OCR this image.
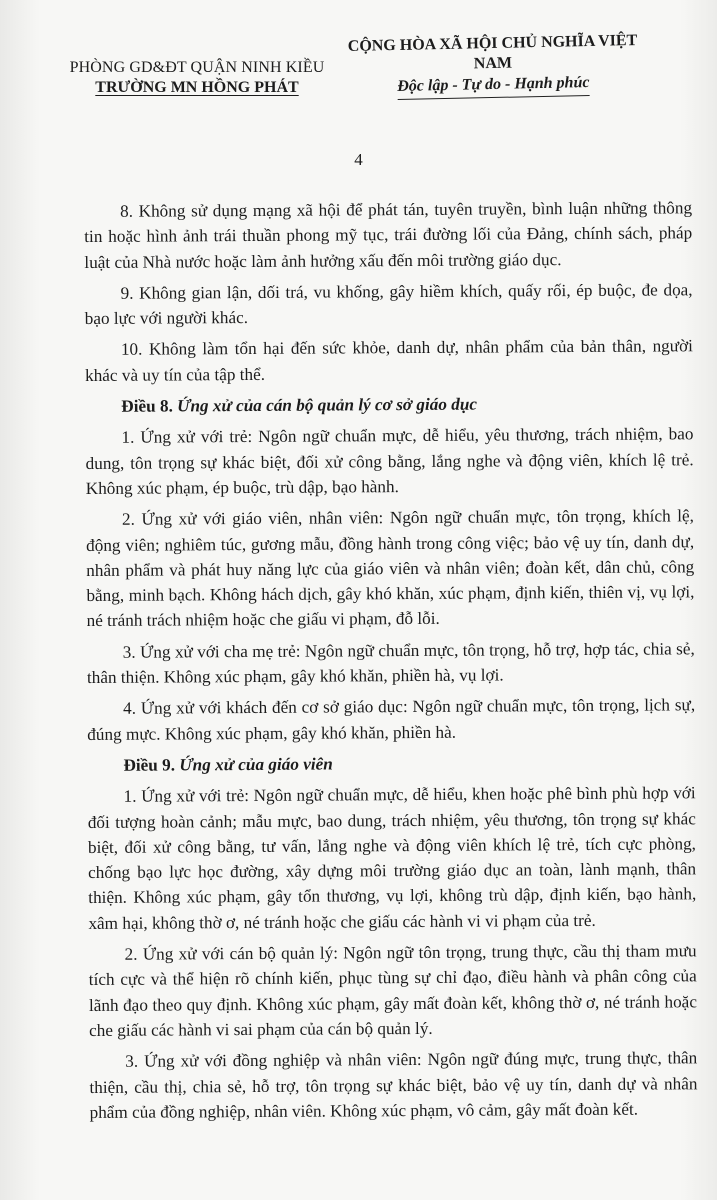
PHÒNG GD&ĐT QUẬN NINH KIỀU
TRƯỜNG MN HỒNG PHÁT
CỘNG HÒA XÃ HỘI CHỦ NGHĨA VIỆT NAM
Độc lập - Tự do - Hạnh phúc
4

8. Không sử dụng mạng xã hội để phát tán, tuyên truyền, bình luận những thông tin hoặc hình ảnh trái thuần phong mỹ tục, trái đường lối của Đảng, chính sách, pháp luật của Nhà nước hoặc làm ảnh hưởng xấu đến môi trường giáo dục.

9. Không gian lận, dối trá, vu khống, gây hiềm khích, quấy rối, ép buộc, đe dọa, bạo lực với người khác.

10. Không làm tổn hại đến sức khỏe, danh dự, nhân phẩm của bản thân, người khác và uy tín của tập thể.

Điều 8. Ứng xử của cán bộ quản lý cơ sở giáo dục

1. Ứng xử với trẻ: Ngôn ngữ chuẩn mực, dễ hiểu, yêu thương, trách nhiệm, bao dung, tôn trọng sự khác biệt, đối xử công bằng, lắng nghe và động viên, khích lệ trẻ. Không xúc phạm, ép buộc, trù dập, bạo hành.

2. Ứng xử với giáo viên, nhân viên: Ngôn ngữ chuẩn mực, tôn trọng, khích lệ, động viên; nghiêm túc, gương mẫu, đồng hành trong công việc; bảo vệ uy tín, danh dự, nhân phẩm và phát huy năng lực của giáo viên và nhân viên; đoàn kết, dân chủ, công bằng, minh bạch. Không hách dịch, gây khó khăn, xúc phạm, định kiến, thiên vị, vụ lợi, né tránh trách nhiệm hoặc che giấu vi phạm, đỗ lỗi.

3. Ứng xử với cha mẹ trẻ: Ngôn ngữ chuẩn mực, tôn trọng, hỗ trợ, hợp tác, chia sẻ, thân thiện. Không xúc phạm, gây khó khăn, phiền hà, vụ lợi.

4. Ứng xử với khách đến cơ sở giáo dục: Ngôn ngữ chuẩn mực, tôn trọng, lịch sự, đúng mực. Không xúc phạm, gây khó khăn, phiền hà.

Điều 9. Ứng xử của giáo viên

1. Ứng xử với trẻ: Ngôn ngữ chuẩn mực, dễ hiểu, khen hoặc phê bình phù hợp với đối tượng hoàn cảnh; mẫu mực, bao dung, trách nhiệm, yêu thương, tôn trọng sự khác biệt, đối xử công bằng, tư vấn, lắng nghe và động viên khích lệ trẻ, tích cực phòng, chống bạo lực học đường, xây dựng môi trường giáo dục an toàn, lành mạnh, thân thiện. Không xúc phạm, gây tổn thương, vụ lợi, không trù dập, định kiến, bạo hành, xâm hại, không thờ ơ, né tránh hoặc che giấu các hành vi vi phạm của trẻ.

2. Ứng xử với cán bộ quản lý: Ngôn ngữ tôn trọng, trung thực, cầu thị tham mưu tích cực và thể hiện rõ chính kiến, phục tùng sự chỉ đạo, điều hành và phân công của lãnh đạo theo quy định. Không xúc phạm, gây mất đoàn kết, không thờ ơ, né tránh hoặc che giấu các hành vi sai phạm của cán bộ quản lý.

3. Ứng xử với đồng nghiệp và nhân viên: Ngôn ngữ đúng mực, trung thực, thân thiện, cầu thị, chia sẻ, hỗ trợ, tôn trọng sự khác biệt, bảo vệ uy tín, danh dự và nhân phẩm của đồng nghiệp, nhân viên. Không xúc phạm, vô cảm, gây mất đoàn kết.
